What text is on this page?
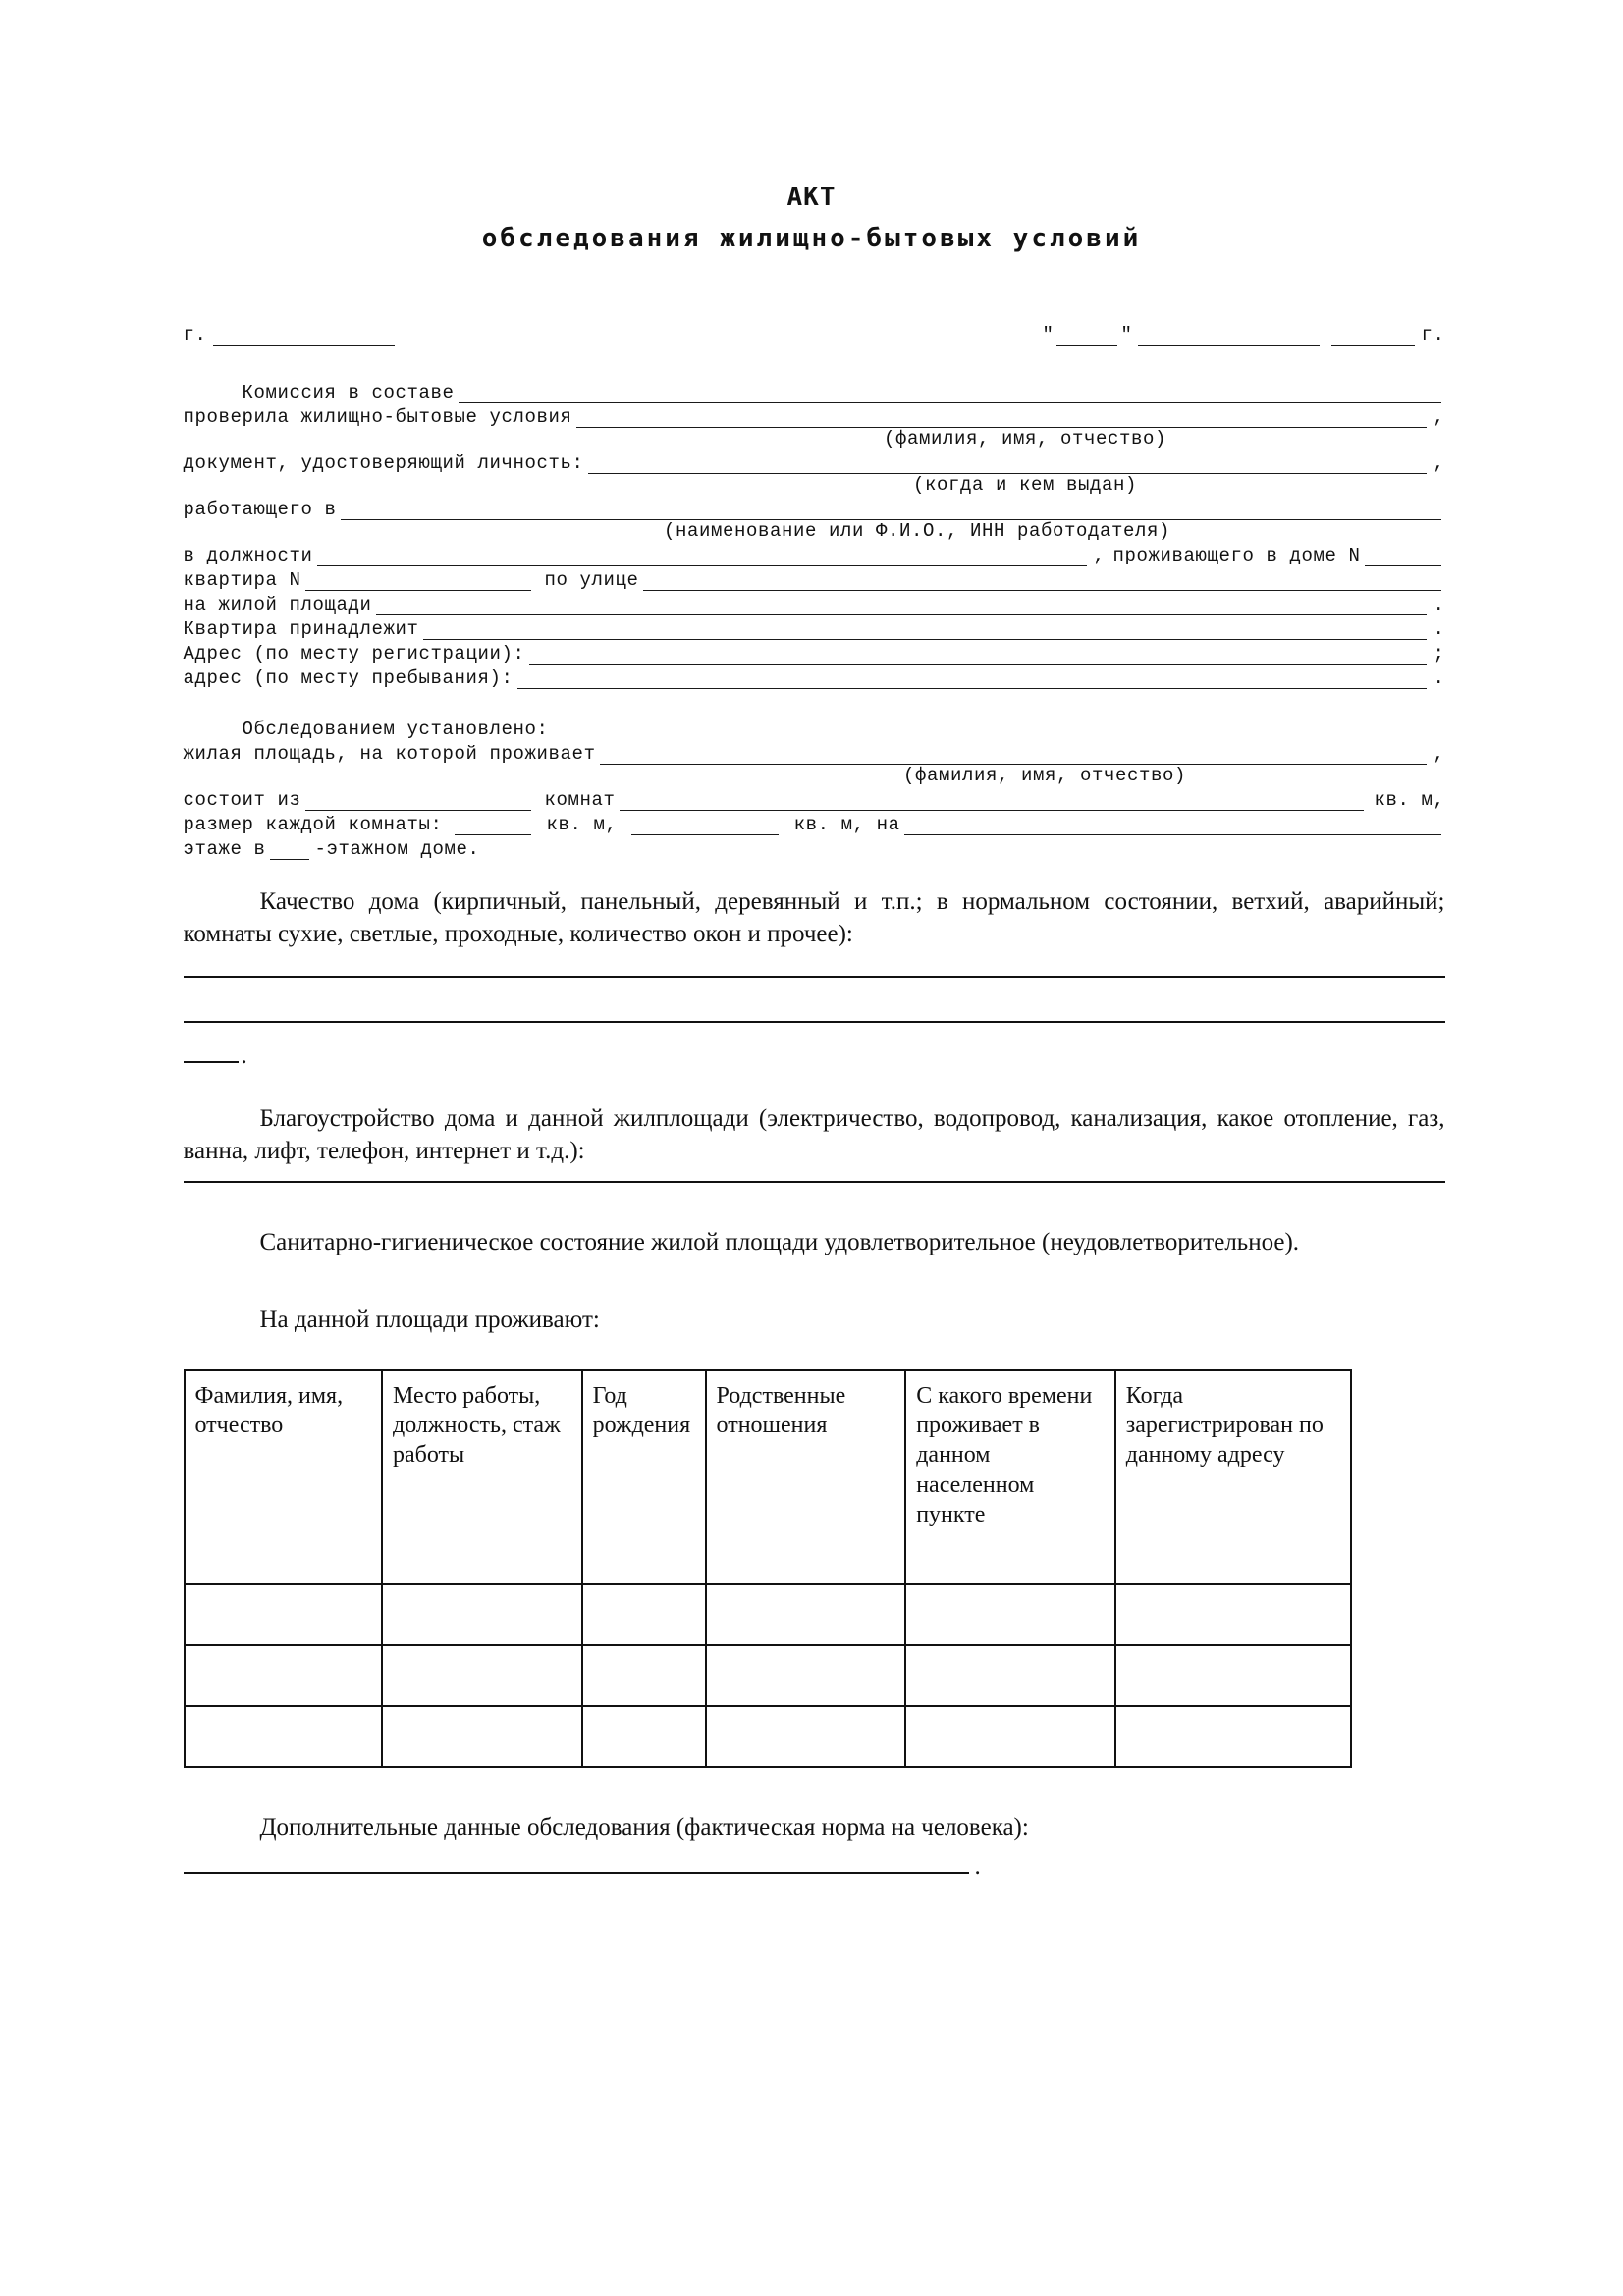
АКТ
обследования жилищно-бытовых условий
г.	"	"	г.
Комиссия в составе
проверила жилищно-бытовые условия	,
(фамилия, имя, отчество)
документ, удостоверяющий личность:	,
(когда и кем выдан)
работающего в
(наименование или Ф.И.О., ИНН работодателя)
в должности	, проживающего в доме N
квартира N	по улице
на жилой площади	.
Квартира принадлежит	.
Адрес (по месту регистрации):	;
адрес (по месту пребывания):	.
Обследованием установлено:
жилая площадь, на которой проживает	,
(фамилия, имя, отчество)
состоит из	комнат	кв. м,
размер каждой комнаты:	кв. м,	кв. м, на
этаже в	-этажном доме.
Качество дома (кирпичный, панельный, деревянный и т.п.; в нормальном состоянии, ветхий, аварийный; комнаты сухие, светлые, проходные, количество окон и прочее):
.
Благоустройство дома и данной жилплощади (электричество, водопровод, канализация, какое отопление, газ, ванна, лифт, телефон, интернет и т.д.):
Санитарно-гигиеническое состояние жилой площади удовлетворительное (неудовлетворительное).
На данной площади проживают:
Фамилия, имя, отчество	Место работы, должность, стаж работы	Год рождения	Родственные отношения	С какого времени проживает в данном населенном пункте	Когда зарегистрирован по данному адресу

Дополнительные данные обследования (фактическая норма на человека):
.
